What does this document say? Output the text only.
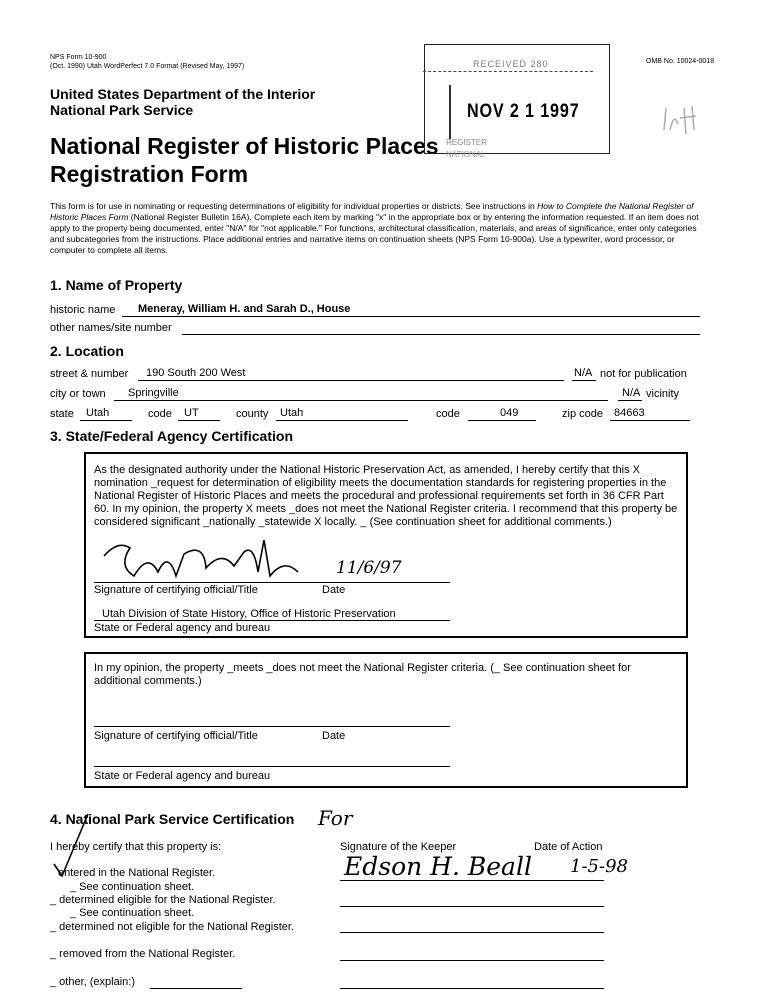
NPS Form 10-900
(Oct. 1990) Utah WordPerfect 7.0 Format (Revised May, 1997)
OMB No. 10024-0018
United States Department of the Interior
National Park Service
National Register of Historic Places
Registration Form
RECEIVED 280
NOV 2 1 1997
REGISTER
NATIONAL
This form is for use in nominating or requesting determinations of eligibility for individual properties or districts. See instructions in How to Complete the National Register of Historic Places Form (National Register Bulletin 16A). Complete each item by marking "x" in the appropriate box or by entering the information requested. If an item does not apply to the property being documented, enter "N/A" for "not applicable." For functions, architectural classification, materials, and areas of significance, enter only categories and subcategories from the instructions. Place additional entries and narrative items on continuation sheets (NPS Form 10-900a). Use a typewriter, word processor, or computer to complete all items.
1. Name of Property
historic name Meneray, William H. and Sarah D., House
other names/site number
2. Location
street & number 190 South 200 West	N/A not for publication
city or town Springville	N/A vicinity
state Utah	code UT	county Utah	code	049	zip code 84663
3. State/Federal Agency Certification
As the designated authority under the National Historic Preservation Act, as amended, I hereby certify that this X nomination _request for determination of eligibility meets the documentation standards for registering properties in the National Register of Historic Places and meets the procedural and professional requirements set forth in 36 CFR Part 60. In my opinion, the property X meets _does not meet the National Register criteria. I recommend that this property be considered significant _nationally _statewide X locally. _ (See continuation sheet for additional comments.)
Signature of certifying official/Title	Date
Utah Division of State History, Office of Historic Preservation
State or Federal agency and bureau
11/6/97
In my opinion, the property _meets _does not meet the National Register criteria. (_ See continuation sheet for additional comments.)
Signature of certifying official/Title	Date
State or Federal agency and bureau
4. National Park Service Certification
I hereby certify that this property is:	Signature of the Keeper	Date of Action
For
Edson H. Beall 1-5-98
entered in the National Register.
_ See continuation sheet.
_ determined eligible for the National Register.
_ See continuation sheet.
_ determined not eligible for the National Register.
_ removed from the National Register.
_ other, (explain:)
